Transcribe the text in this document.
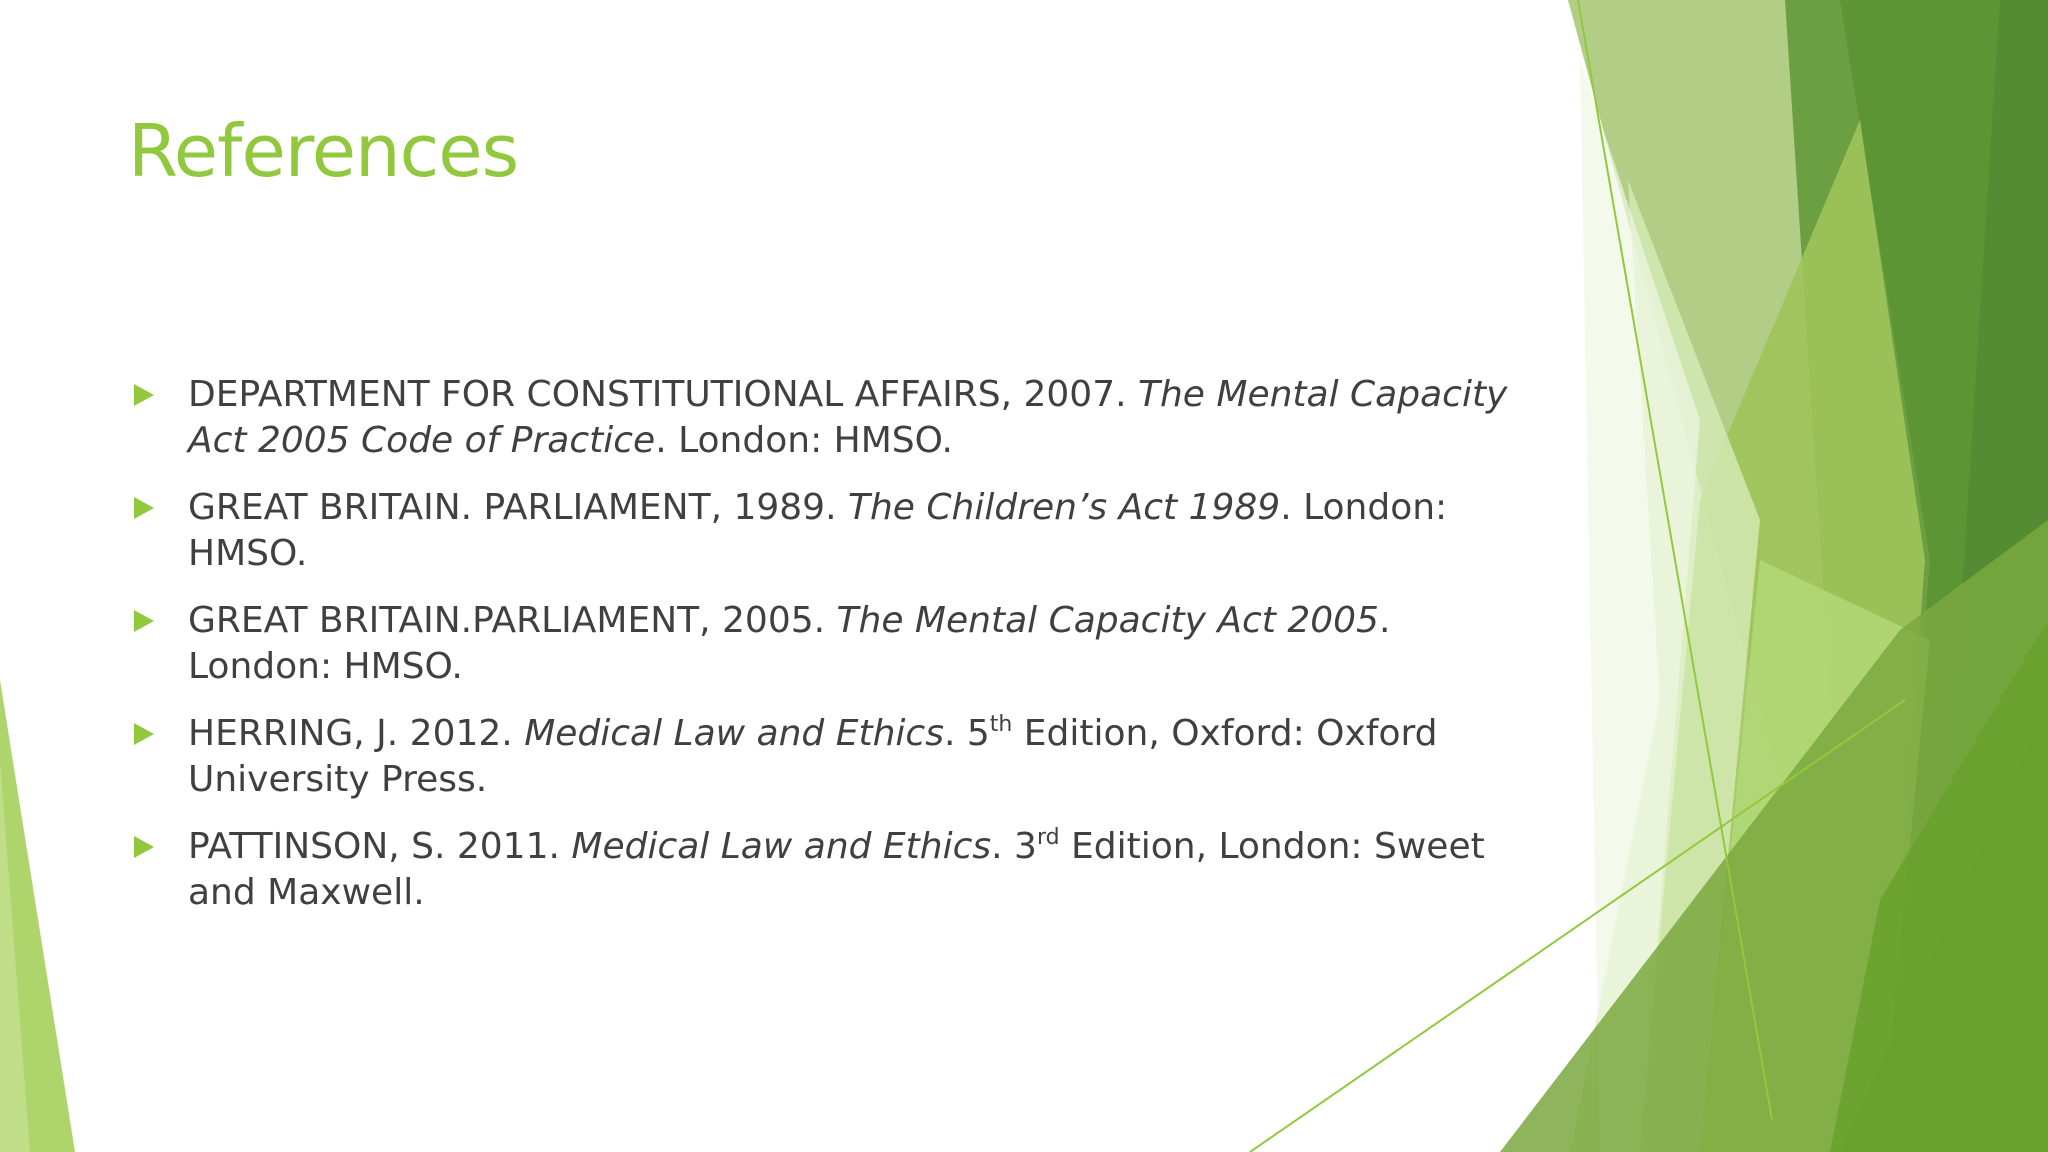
References
DEPARTMENT FOR CONSTITUTIONAL AFFAIRS, 2007. The Mental Capacity Act 2005 Code of Practice. London: HMSO.
GREAT BRITAIN. PARLIAMENT, 1989. The Children’s Act 1989. London: HMSO.
GREAT BRITAIN.PARLIAMENT, 2005. The Mental Capacity Act 2005. London: HMSO.
HERRING, J. 2012. Medical Law and Ethics. 5th Edition, Oxford: Oxford University Press.
PATTINSON, S. 2011. Medical Law and Ethics. 3rd Edition, London: Sweet and Maxwell.
